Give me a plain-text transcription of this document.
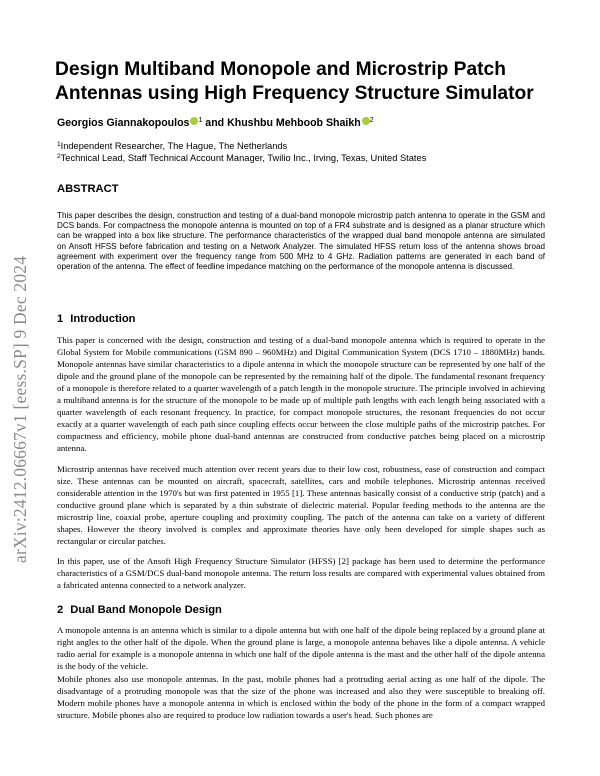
arXiv:2412.06667v1 [eess.SP] 9 Dec 2024
Design Multiband Monopole and Microstrip Patch Antennas using High Frequency Structure Simulator
Georgios Giannakopoulos $^1$ and Khushbu Mehboob Shaikh $^2$
$^1$Independent Researcher, The Hague, The Netherlands
$^2$Technical Lead, Staff Technical Account Manager, Twilio Inc., Irving, Texas, United States
ABSTRACT

This paper describes the design, construction and testing of a dual-band monopole microstrip patch antenna to operate in the GSM and DCS bands. For compactness the monopole antenna is mounted on top of a FR4 substrate and is designed as a planar structure which can be wrapped into a box like structure. The performance characteristics of the wrapped dual band monopole antenna are simulated on Ansoft HFSS before fabrication and testing on a Network Analyzer. The simulated HFSS return loss of the antenna shows broad agreement with experiment over the frequency range from 500 MHz to 4 GHz. Radiation patterns are generated in each band of operation of the antenna. The effect of feedline impedance matching on the performance of the monopole antenna is discussed.

1 Introduction

This paper is concerned with the design, construction and testing of a dual-band monopole antenna which is required to operate in the Global System for Mobile communications (GSM 890 – 960MHz) and Digital Communication System (DCS 1710 – 1880MHz) bands. Monopole antennas have similar characteristics to a dipole antenna in which the monopole structure can be represented by one half of the dipole and the ground plane of the monopole can be represented by the remaining half of the dipole. The fundamental resonant frequency of a monopole is therefore related to a quarter wavelength of a patch length in the monopole structure. The principle involved in achieving a multiband antenna is for the structure of the monopole to be made up of multiple path lengths with each length being associated with a quarter wavelength of each resonant frequency. In practice, for compact monopole structures, the resonant frequencies do not occur exactly at a quarter wavelength of each path since coupling effects occur between the close multiple paths of the microstrip patches. For compactness and efficiency, mobile phone dual-band antennas are constructed from conductive patches being placed on a microstrip antenna.

Microstrip antennas have received much attention over recent years due to their low cost, robustness, ease of construction and compact size. These antennas can be mounted on aircraft, spacecraft, satellites, cars and mobile telephones. Microstrip antennas received considerable attention in the 1970's but was first patented in 1955 [1]. These antennas basically consist of a conductive strip (patch) and a conductive ground plane which is separated by a thin substrate of dielectric material. Popular feeding methods to the antenna are the microstrip line, coaxial probe, aperture coupling and proximity coupling. The patch of the antenna can take on a variety of different shapes. However the theory involved is complex and approximate theories have only been developed for simple shapes such as rectangular or circular patches.

In this paper, use of the Ansoft High Frequency Structure Simulator (HFSS) [2] package has been used to determine the performance characteristics of a GSM/DCS dual-band monopole antenna. The return loss results are compared with experimental values obtained from a fabricated antenna connected to a network analyzer.

2 Dual Band Monopole Design

A monopole antenna is an antenna which is similar to a dipole antenna but with one half of the dipole being replaced by a ground plane at right angles to the other half of the dipole. When the ground plane is large, a monopole antenna behaves like a dipole antenna. A vehicle radio aerial for example is a monopole antenna in which one half of the dipole antenna is the mast and the other half of the dipole antenna is the body of the vehicle.

Mobile phones also use monopole antennas. In the past, mobile phones had a protruding aerial acting as one half of the dipole. The disadvantage of a protruding monopole was that the size of the phone was increased and also they were susceptible to breaking off. Modern mobile phones have a monopole antenna in which is enclosed within the body of the phone in the form of a compact wrapped structure. Mobile phones also are required to produce low radiation towards a user's head. Such phones are
